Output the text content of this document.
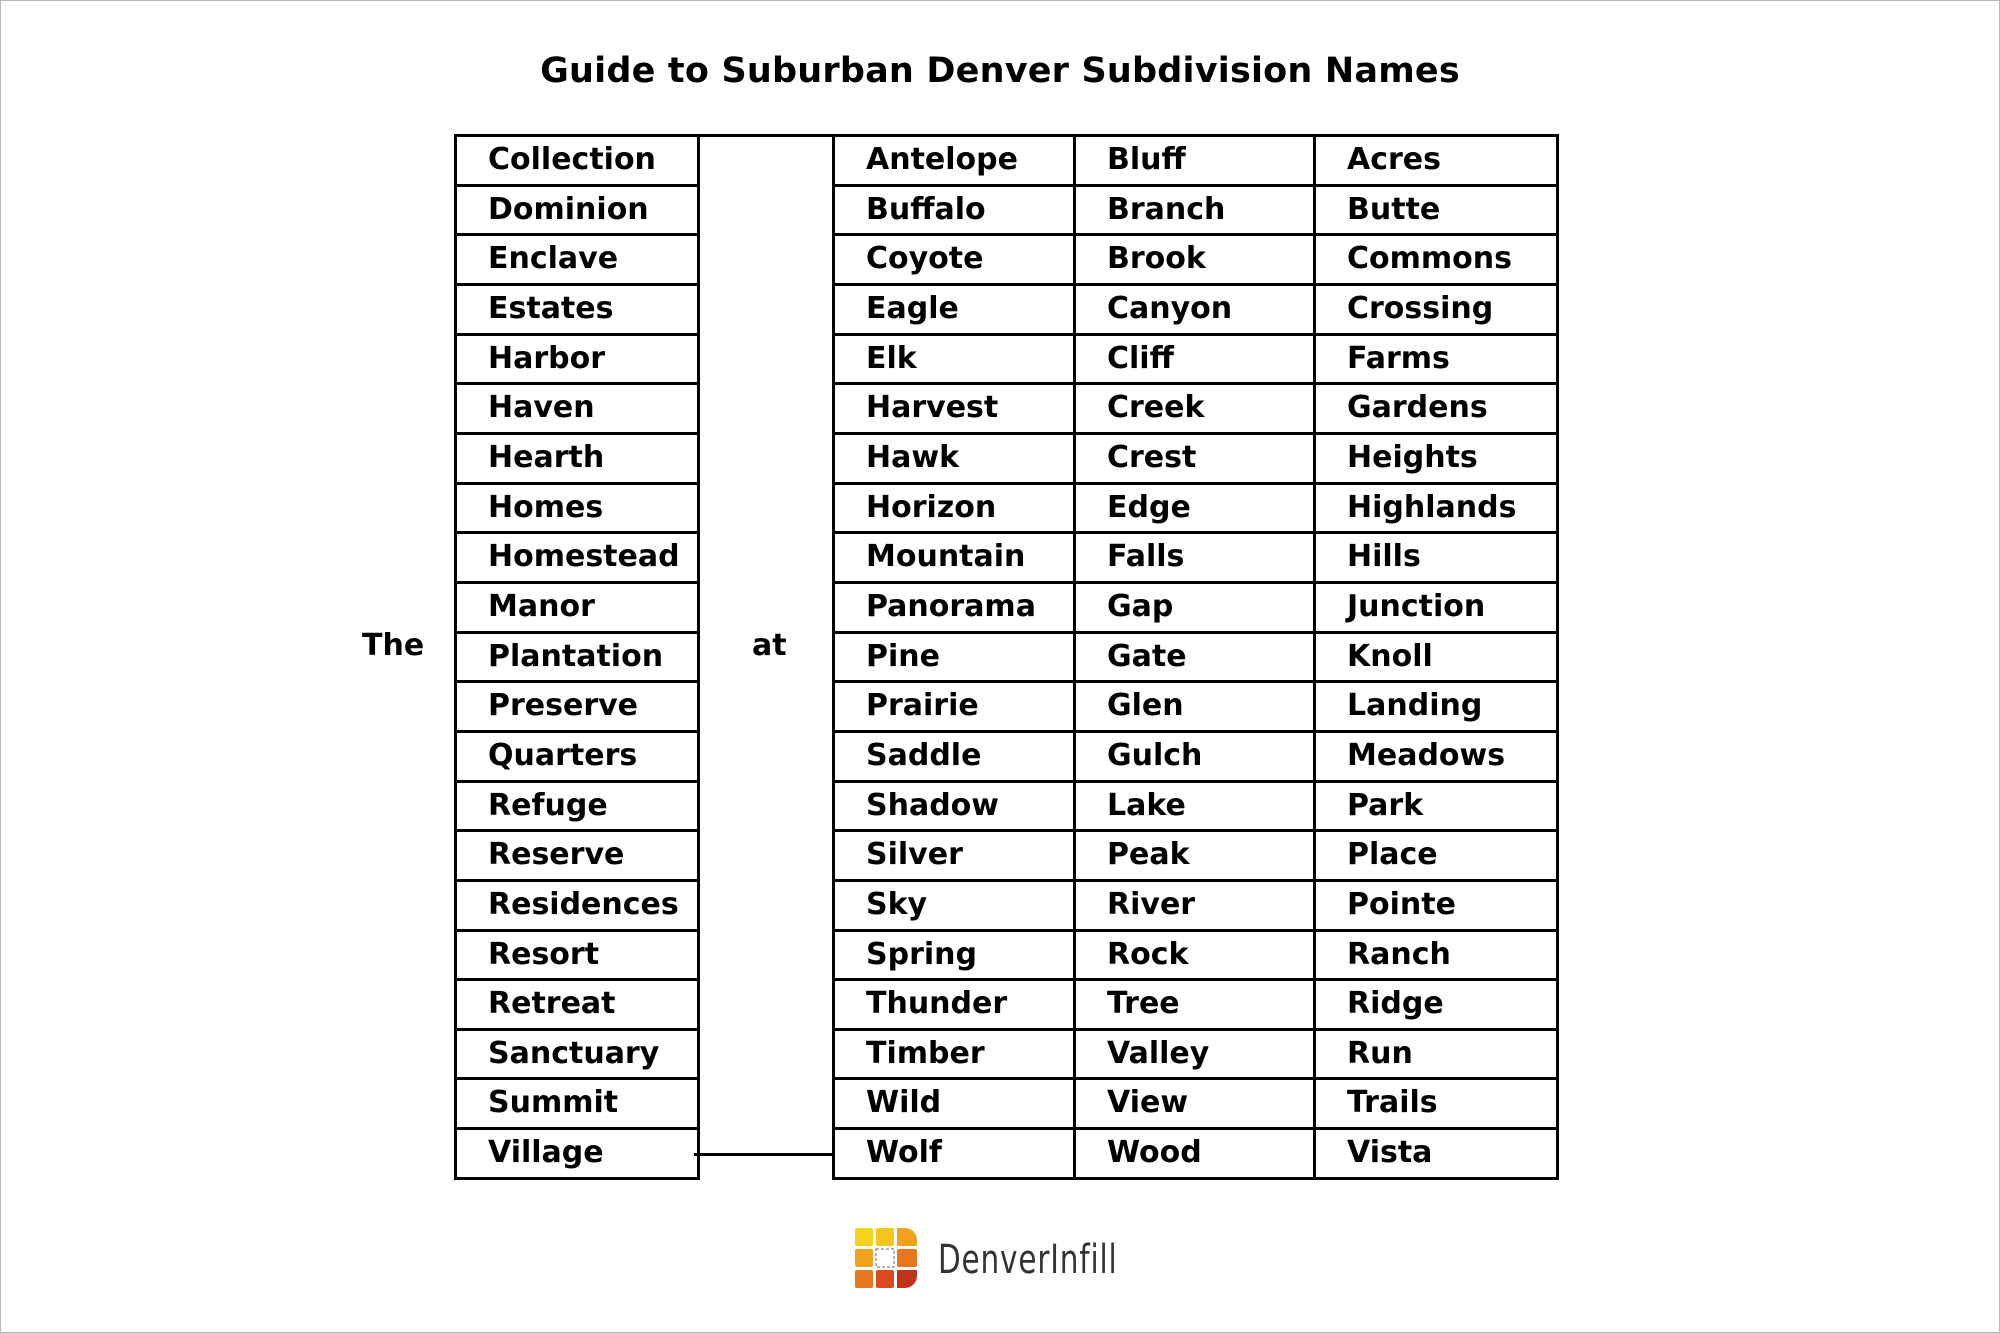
Guide to Suburban Denver Subdivision Names
The	at
Collection
Dominion
Enclave
Estates
Harbor
Haven
Hearth
Homes
Homestead
Manor
Plantation
Preserve
Quarters
Refuge
Reserve
Residences
Resort
Retreat
Sanctuary
Summit
Village
Antelope
Buffalo
Coyote
Eagle
Elk
Harvest
Hawk
Horizon
Mountain
Panorama
Pine
Prairie
Saddle
Shadow
Silver
Sky
Spring
Thunder
Timber
Wild
Wolf
Bluff
Branch
Brook
Canyon
Cliff
Creek
Crest
Edge
Falls
Gap
Gate
Glen
Gulch
Lake
Peak
River
Rock
Tree
Valley
View
Wood
Acres
Butte
Commons
Crossing
Farms
Gardens
Heights
Highlands
Hills
Junction
Knoll
Landing
Meadows
Park
Place
Pointe
Ranch
Ridge
Run
Trails
Vista
DenverInfill
